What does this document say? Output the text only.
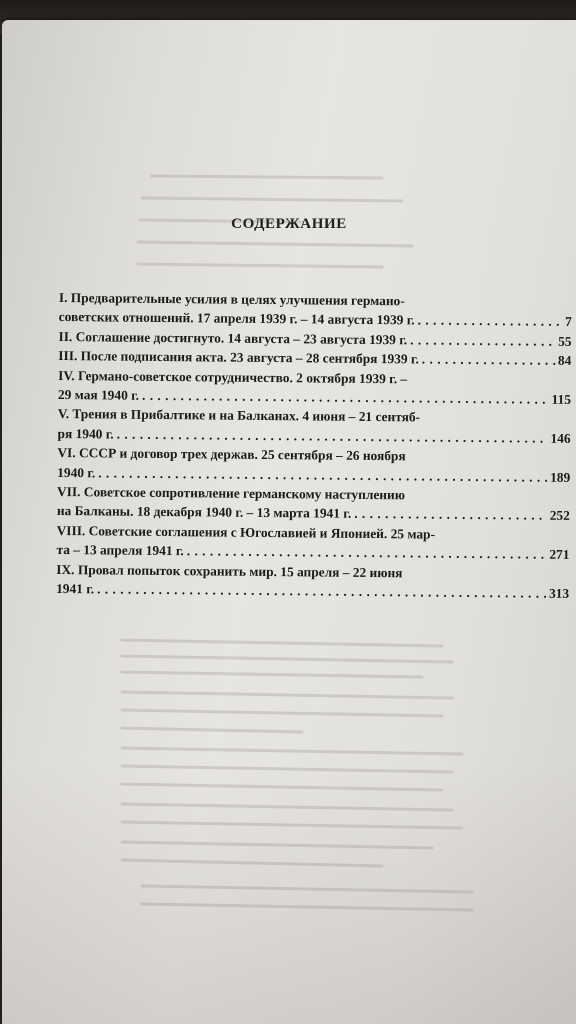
СОДЕРЖАНИЕ
I. Предварительные усилия в целях улучшения германо-
советских отношений. 17 апреля 1939 г. – 14 августа 1939 г. . . .	7
II. Соглашение достигнуто. 14 августа – 23 августа 1939 г. . . .	55
III. После подписания акта. 23 августа – 28 сентября 1939 г. . . .	84
IV. Германо-советское сотрудничество. 2 октября 1939 г. –
29 мая 1940 г. . . .	115
V. Трения в Прибалтике и на Балканах. 4 июня – 21 сентяб-
ря 1940 г. . . .	146
VI. СССР и договор трех держав. 25 сентября – 26 ноября
1940 г. . . .	189
VII. Советское сопротивление германскому наступлению
на Балканы. 18 декабря 1940 г. – 13 марта 1941 г. . . .	252
VIII. Советские соглашения с Югославией и Японией. 25 мар-
та – 13 апреля 1941 г. . . .	271
IX. Провал попыток сохранить мир. 15 апреля – 22 июня
1941 г. . . .	313
